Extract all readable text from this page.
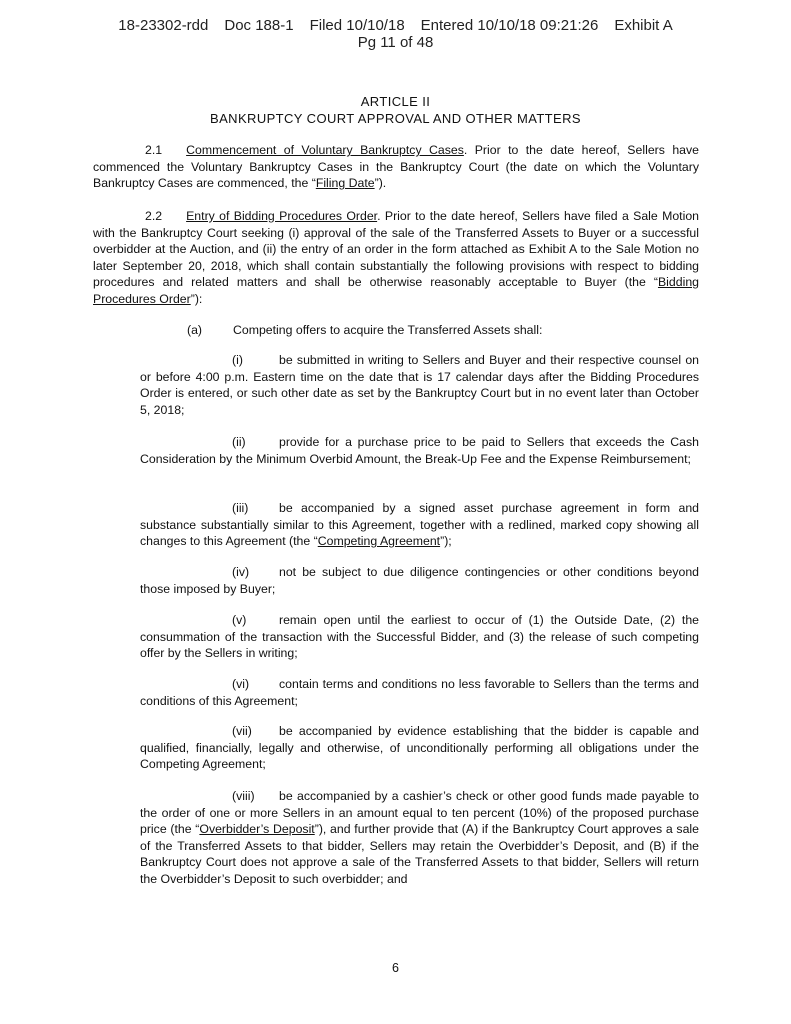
18-23302-rdd Doc 188-1 Filed 10/10/18 Entered 10/10/18 09:21:26 Exhibit A
Pg 11 of 48
ARTICLE II
BANKRUPTCY COURT APPROVAL AND OTHER MATTERS

2.1 Commencement of Voluntary Bankruptcy Cases. Prior to the date hereof, Sellers have commenced the Voluntary Bankruptcy Cases in the Bankruptcy Court (the date on which the Voluntary Bankruptcy Cases are commenced, the “Filing Date”).

2.2 Entry of Bidding Procedures Order. Prior to the date hereof, Sellers have filed a Sale Motion with the Bankruptcy Court seeking (i) approval of the sale of the Transferred Assets to Buyer or a successful overbidder at the Auction, and (ii) the entry of an order in the form attached as Exhibit A to the Sale Motion no later September 20, 2018, which shall contain substantially the following provisions with respect to bidding procedures and related matters and shall be otherwise reasonably acceptable to Buyer (the “Bidding Procedures Order”):

(a)	Competing offers to acquire the Transferred Assets shall:

(i)	be submitted in writing to Sellers and Buyer and their respective counsel on or before 4:00 p.m. Eastern time on the date that is 17 calendar days after the Bidding Procedures Order is entered, or such other date as set by the Bankruptcy Court but in no event later than October 5, 2018;

(ii)	provide for a purchase price to be paid to Sellers that exceeds the Cash Consideration by the Minimum Overbid Amount, the Break-Up Fee and the Expense Reimbursement;

(iii) be accompanied by a signed asset purchase agreement in form and substance substantially similar to this Agreement, together with a redlined, marked copy showing all changes to this Agreement (the “Competing Agreement”);

(iv) not be subject to due diligence contingencies or other conditions beyond those imposed by Buyer;

(v)	remain open until the earliest to occur of (1) the Outside Date, (2) the consummation of the transaction with the Successful Bidder, and (3) the release of such competing offer by the Sellers in writing;

(vi) contain terms and conditions no less favorable to Sellers than the terms and conditions of this Agreement;

(vii) be accompanied by evidence establishing that the bidder is capable and qualified, financially, legally and otherwise, of unconditionally performing all obligations under the Competing Agreement;

(viii) be accompanied by a cashier’s check or other good funds made payable to the order of one or more Sellers in an amount equal to ten percent (10%) of the proposed purchase price (the “Overbidder’s Deposit”), and further provide that (A) if the Bankruptcy Court approves a sale of the Transferred Assets to that bidder, Sellers may retain the Overbidder’s Deposit, and (B) if the Bankruptcy Court does not approve a sale of the Transferred Assets to that bidder, Sellers will return the Overbidder’s Deposit to such overbidder; and

6
